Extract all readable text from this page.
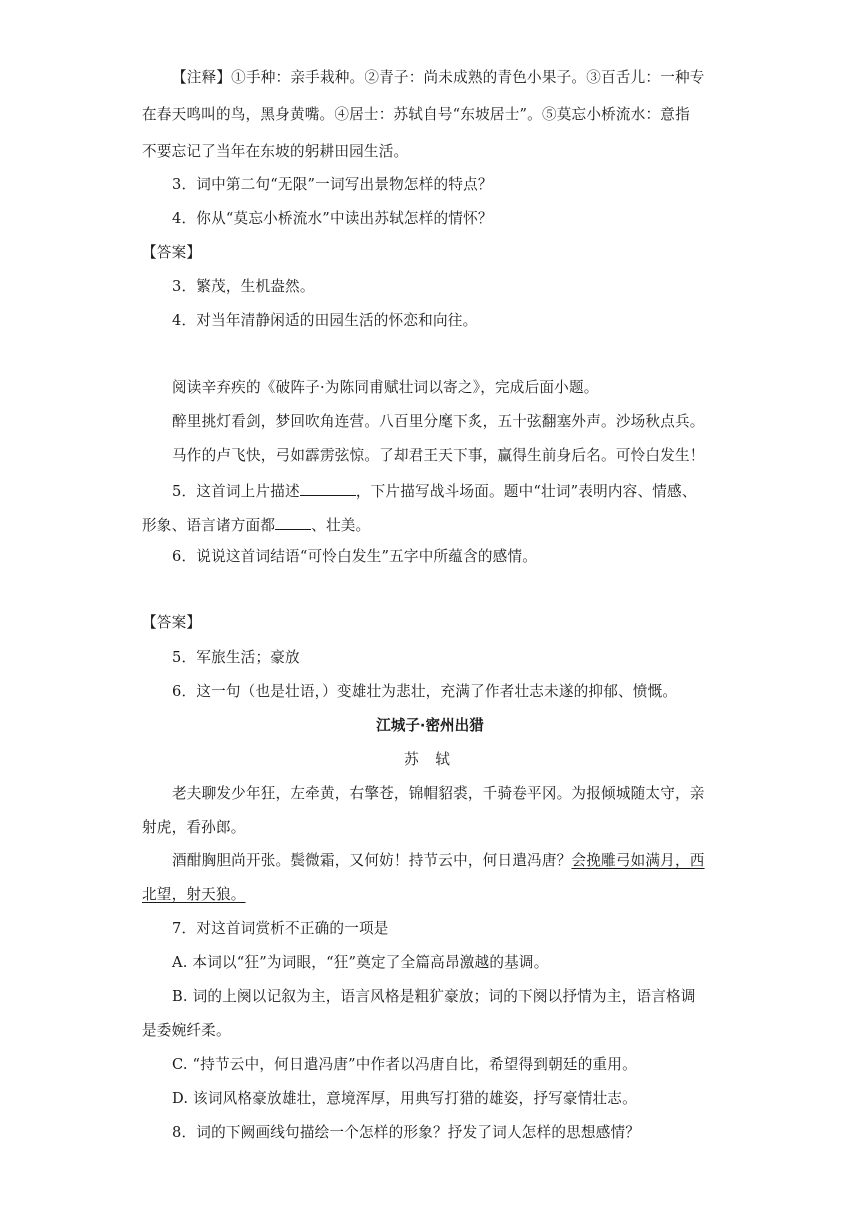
【注释】①手种：亲手栽种。②青子：尚未成熟的青色小果子。③百舌儿：一种专
在春天鸣叫的鸟，黑身黄嘴。④居士：苏轼自号“东坡居士”。⑤莫忘小桥流水：意指
不要忘记了当年在东坡的躬耕田园生活。
3．词中第二句“无限”一词写出景物怎样的特点？
4．你从“莫忘小桥流水”中读出苏轼怎样的情怀？
【答案】
3．繁茂，生机盎然。
4．对当年清静闲适的田园生活的怀恋和向往。
阅读辛弃疾的《破阵子·为陈同甫赋壮词以寄之》，完成后面小题。
醉里挑灯看剑，梦回吹角连营。八百里分麾下炙，五十弦翻塞外声。沙场秋点兵。
马作的卢飞快，弓如霹雳弦惊。了却君王天下事，赢得生前身后名。可怜白发生！
5．这首词上片描述	，下片描写战斗场面。题中“壮词”表明内容、情感、
形象、语言诸方面都 、壮美。
6．说说这首词结语“可怜白发生”五字中所蕴含的感情。
【答案】
5．军旅生活；豪放
6．这一句（也是壮语，）变雄壮为悲壮，充满了作者壮志未遂的抑郁、愤慨。
江城子·密州出猎
苏 轼
老夫聊发少年狂，左牵黄，右擎苍，锦帽貂裘，千骑卷平冈。为报倾城随太守，亲
射虎，看孙郎。
酒酣胸胆尚开张。鬓微霜，又何妨！持节云中，何日遣冯唐？会挽雕弓如满月，西
北望，射天狼。
7．对这首词赏析不正确的一项是
A. 本词以“狂”为词眼，“狂”奠定了全篇高昂激越的基调。
B. 词的上阕以记叙为主，语言风格是粗犷豪放；词的下阕以抒情为主，语言格调
是委婉纤柔。
C. “持节云中，何日遣冯唐”中作者以冯唐自比，希望得到朝廷的重用。
D. 该词风格豪放雄壮，意境浑厚，用典写打猎的雄姿，抒写豪情壮志。
8．词的下阙画线句描绘一个怎样的形象？抒发了词人怎样的思想感情？
